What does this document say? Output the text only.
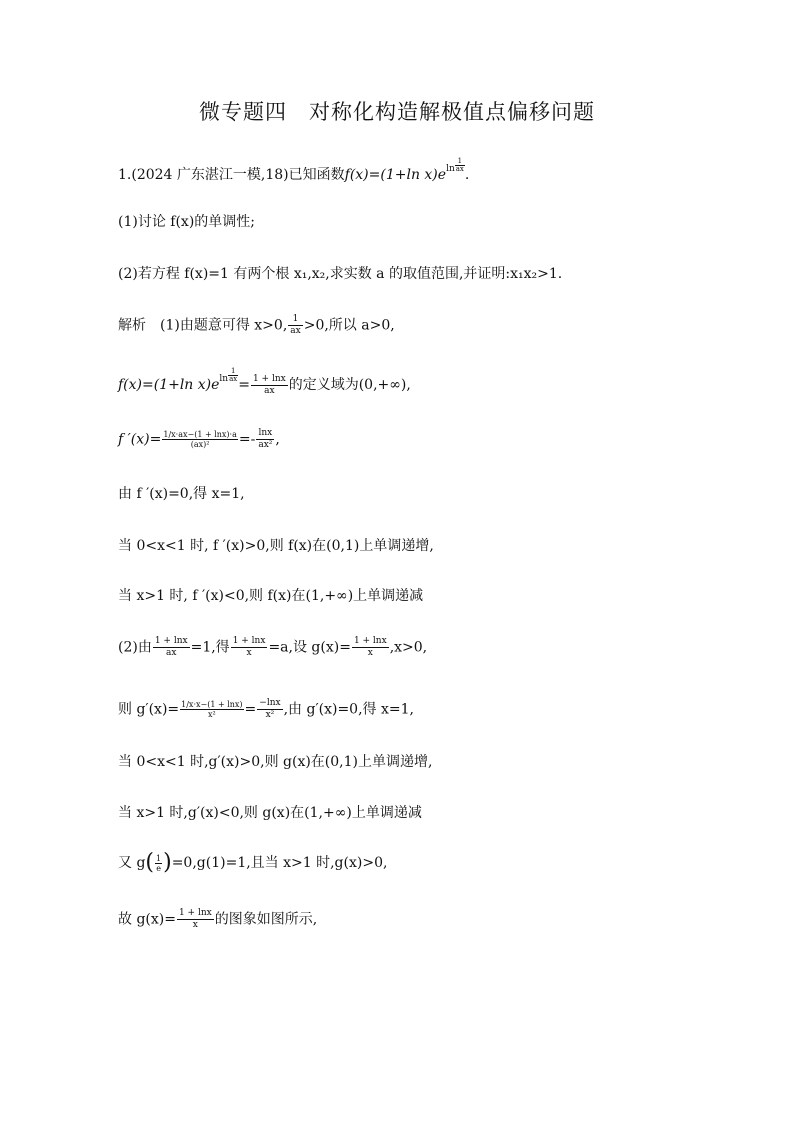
微专题四　对称化构造解极值点偏移问题
1.(2024 广东湛江一模,18)已知函数f(x)=(1+ln $x)e^{ln} \frac{1}{ax}$
.
(1)讨论 f(x)的单调性;
(2)若方程 f(x)=1 有两个根 x₁,x₂,求实数 a 的取值范围,并证明:x₁x₂>1.
解析　(1)由题意可得 x>0, $\frac{1}{ax} >0$,所以 a>0,
f(x)=(1+ln $x)e^{ln} \frac{1}{ax}$
= $\frac{1 + \ln x}{ax}$ 的定义域为(0,+∞),
f $'(x)= \frac{1/x\cdot ax-(1 + \ln x)\cdot a}{\text{(ax)²}} =- \frac{\ln x}{\text{ax²}}$ ,
由 f ′(x)=0,得 x=1,
当 0<x<1 时, f ′(x)>0,则 f(x)在(0,1)上单调递增,
当 x>1 时, f ′(x)<0,则 f(x)在(1,+∞)上单调递减
(2)由 $\frac{1 + \ln x}{ax} =1$,得 $\frac{1 + \ln x}{x} =a$,设 $g(x)= \frac{1 + \ln x}{x} ,x>0$,
则 $g'(x)= \frac{1/x\cdot x-(1 + \ln x)}{\text{x²}} = \frac{-\ln x}{\text{x²}}$ ,由 g′(x)=0,得 x=1,
当 0<x<1 时,g′(x)>0,则 g(x)在(0,1)上单调递增,
当 x>1 时,g′(x)<0,则 g(x)在(1,+∞)上单调递减
又 $g( \frac{1}{e} )=0,g(1)=1$,且当 x>1 时,g(x)>0,
故 $g(x)= \frac{1 + \ln x}{x}$ 的图象如图所示,
